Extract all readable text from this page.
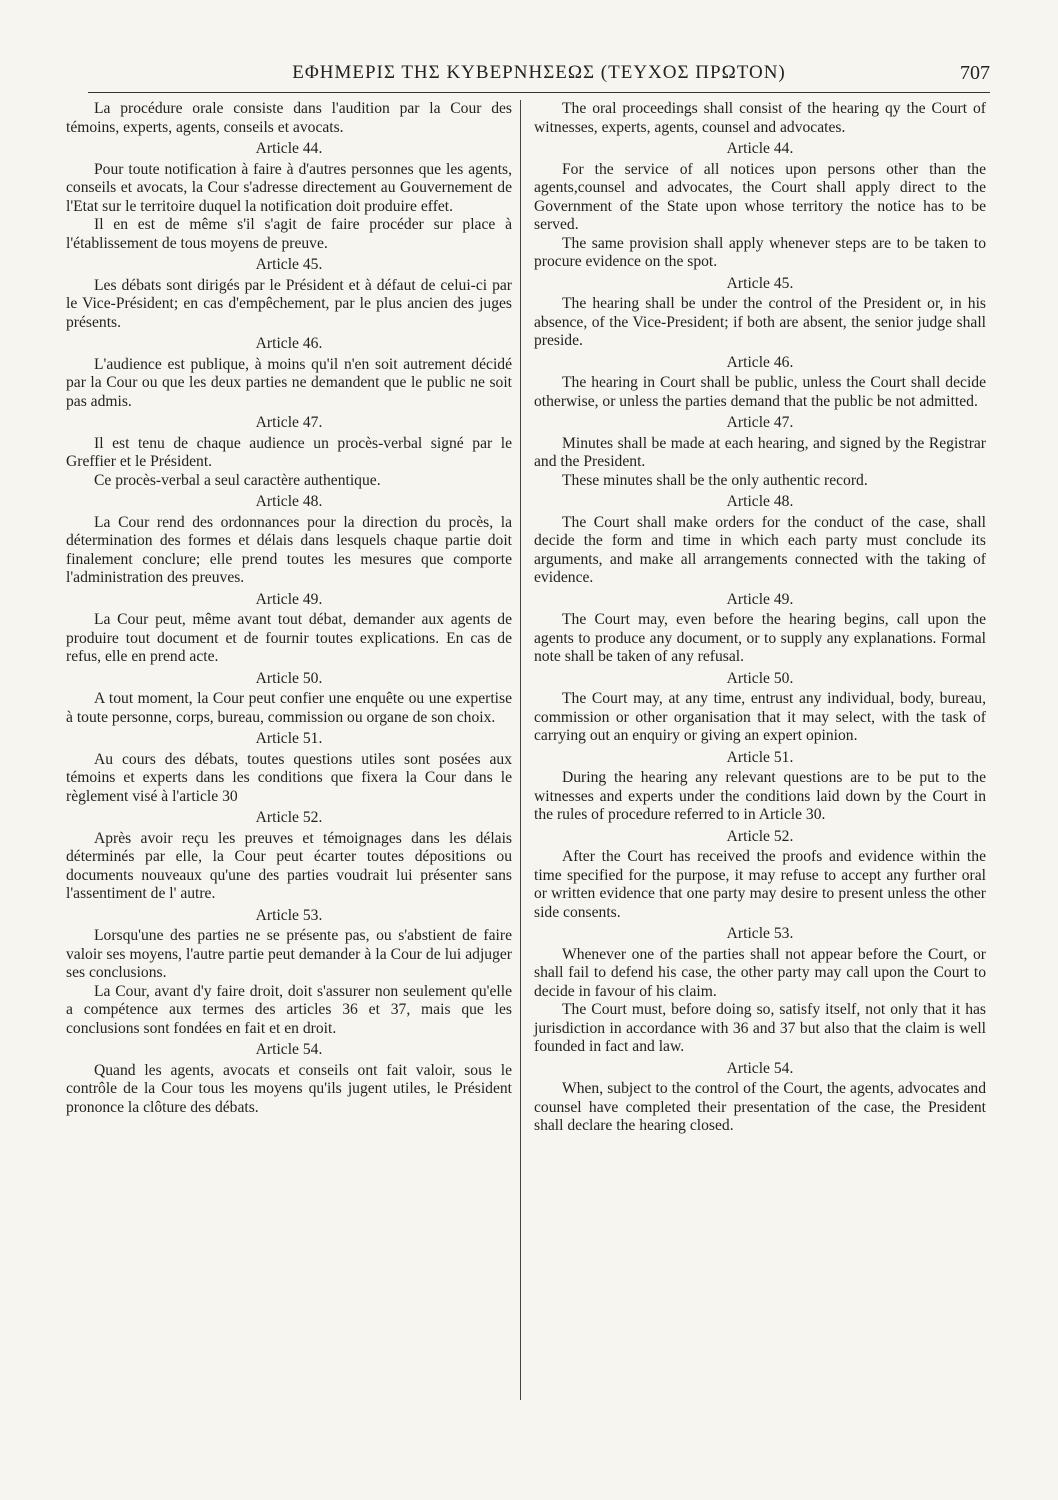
ΕΦΗΜΕΡΙΣ ΤΗΣ ΚΥΒΕΡΝΗΣΕΩΣ (ΤΕΥΧΟΣ ΠΡΩΤΟΝ)	707

La procédure orale consiste dans l'audition par la Cour des témoins, experts, agents, conseils et avocats.

Article 44.

Pour toute notification à faire à d'autres personnes que les agents, conseils et avocats, la Cour s'adresse directement au Gouvernement de l'Etat sur le territoire duquel la notification doit produire effet.

Il en est de même s'il s'agit de faire procéder sur place à l'établissement de tous moyens de preuve.

Article 45.

Les débats sont dirigés par le Président et à défaut de celui-ci par le Vice-Président; en cas d'empêchement, par le plus ancien des juges présents.

Article 46.

L'audience est publique, à moins qu'il n'en soit autrement décidé par la Cour ou que les deux parties ne demandent que le public ne soit pas admis.

Article 47.

Il est tenu de chaque audience un procès-verbal signé par le Greffier et le Président.

Ce procès-verbal a seul caractère authentique.

Article 48.

La Cour rend des ordonnances pour la direction du procès, la détermination des formes et délais dans lesquels chaque partie doit finalement conclure; elle prend toutes les mesures que comporte l'administration des preuves.

Article 49.

La Cour peut, même avant tout débat, demander aux agents de produire tout document et de fournir toutes explications. En cas de refus, elle en prend acte.

Article 50.

A tout moment, la Cour peut confier une enquête ou une expertise à toute personne, corps, bureau, commission ou organe de son choix.

Article 51.

Au cours des débats, toutes questions utiles sont posées aux témoins et experts dans les conditions que fixera la Cour dans le règlement visé à l'article 30

Article 52.

Après avoir reçu les preuves et témoignages dans les délais déterminés par elle, la Cour peut écarter toutes dépositions ou documents nouveaux qu'une des parties voudrait lui présenter sans l'assentiment de l' autre.

Article 53.

Lorsqu'une des parties ne se présente pas, ou s'abstient de faire valoir ses moyens, l'autre partie peut demander à la Cour de lui adjuger ses conclusions.

La Cour, avant d'y faire droit, doit s'assurer non seulement qu'elle a compétence aux termes des articles 36 et 37, mais que les conclusions sont fondées en fait et en droit.

Article 54.

Quand les agents, avocats et conseils ont fait valoir, sous le contrôle de la Cour tous les moyens qu'ils jugent utiles, le Président prononce la clôture des débats.

The oral proceedings shall consist of the hearing qy the Court of witnesses, experts, agents, counsel and advocates.

Article 44.

For the service of all notices upon persons other than the agents,counsel and advocates, the Court shall apply direct to the Government of the State upon whose territory the notice has to be served.

The same provision shall apply whenever steps are to be taken to procure evidence on the spot.

Article 45.

The hearing shall be under the control of the President or, in his absence, of the Vice-President; if both are absent, the senior judge shall preside.

Article 46.

The hearing in Court shall be public, unless the Court shall decide otherwise, or unless the parties demand that the public be not admitted.

Article 47.

Minutes shall be made at each hearing, and signed by the Registrar and the President.

These minutes shall be the only authentic record.

Article 48.

The Court shall make orders for the conduct of the case, shall decide the form and time in which each party must conclude its arguments, and make all arrangements connected with the taking of evidence.

Article 49.

The Court may, even before the hearing begins, call upon the agents to produce any document, or to supply any explanations. Formal note shall be taken of any refusal.

Article 50.

The Court may, at any time, entrust any individual, body, bureau, commission or other organisation that it may select, with the task of carrying out an enquiry or giving an expert opinion.

Article 51.

During the hearing any relevant questions are to be put to the witnesses and experts under the conditions laid down by the Court in the rules of procedure referred to in Article 30.

Article 52.

After the Court has received the proofs and evidence within the time specified for the purpose, it may refuse to accept any further oral or written evidence that one party may desire to present unless the other side consents.

Article 53.

Whenever one of the parties shall not appear before the Court, or shall fail to defend his case, the other party may call upon the Court to decide in favour of his claim.

The Court must, before doing so, satisfy itself, not only that it has jurisdiction in accordance with 36 and 37 but also that the claim is well founded in fact and law.

Article 54.

When, subject to the control of the Court, the agents, advocates and counsel have completed their presentation of the case, the President shall declare the hearing closed.
